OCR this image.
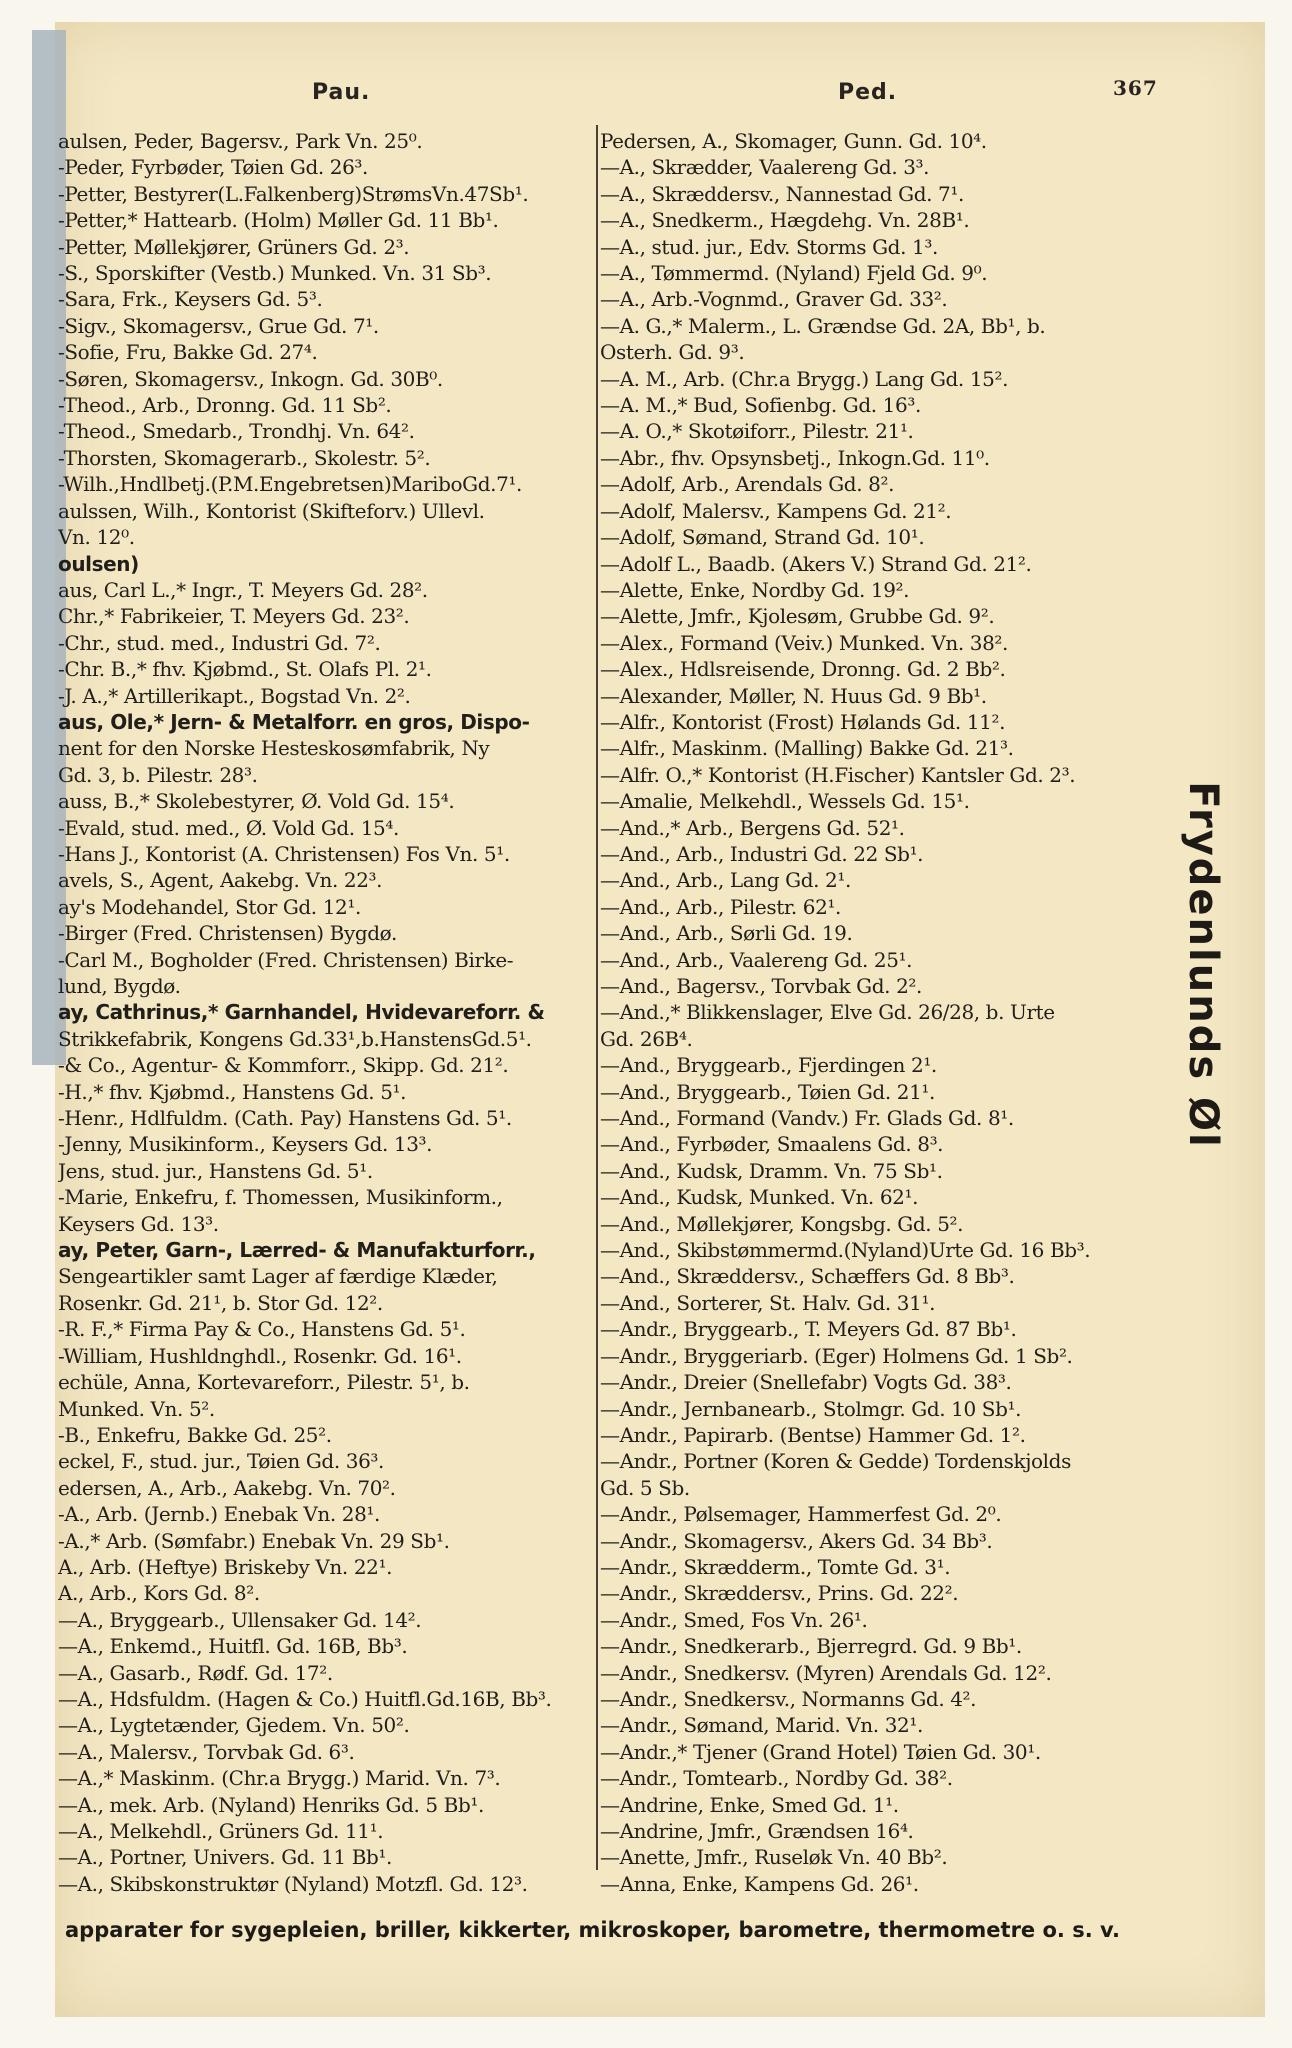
Pau.	Ped.	367
aulsen, Peder, Bagersv., Park Vn. 25⁰.
-Peder, Fyrbøder, Tøien Gd. 26³.
-Petter, Bestyrer(L.Falkenberg)StrømsVn.47Sb¹.
-Petter,* Hattearb. (Holm) Møller Gd. 11 Bb¹.
-Petter, Møllekjører, Grüners Gd. 2³.
-S., Sporskifter (Vestb.) Munked. Vn. 31 Sb³.
-Sara, Frk., Keysers Gd. 5³.
-Sigv., Skomagersv., Grue Gd. 7¹.
-Sofie, Fru, Bakke Gd. 27⁴.
-Søren, Skomagersv., Inkogn. Gd. 30B⁰.
-Theod., Arb., Dronng. Gd. 11 Sb².
-Theod., Smedarb., Trondhj. Vn. 64².
-Thorsten, Skomagerarb., Skolestr. 5².
-Wilh.,Hndlbetj.(P.M.Engebretsen)MariboGd.7¹.
aulssen, Wilh., Kontorist (Skifteforv.) Ullevl.
Vn. 12⁰.
oulsen)
aus, Carl L.,* Ingr., T. Meyers Gd. 28².
Chr.,* Fabrikeier, T. Meyers Gd. 23².
-Chr., stud. med., Industri Gd. 7².
-Chr. B.,* fhv. Kjøbmd., St. Olafs Pl. 2¹.
-J. A.,* Artillerikapt., Bogstad Vn. 2².
aus, Ole,* Jern- & Metalforr. en gros, Dispo-
nent for den Norske Hesteskosømfabrik, Ny
Gd. 3, b. Pilestr. 28³.
auss, B.,* Skolebestyrer, Ø. Vold Gd. 15⁴.
-Evald, stud. med., Ø. Vold Gd. 15⁴.
-Hans J., Kontorist (A. Christensen) Fos Vn. 5¹.
avels, S., Agent, Aakebg. Vn. 22³.
ay's Modehandel, Stor Gd. 12¹.
-Birger (Fred. Christensen) Bygdø.
-Carl M., Bogholder (Fred. Christensen) Birke-
lund, Bygdø.
ay, Cathrinus,* Garnhandel, Hvidevareforr. &
Strikkefabrik, Kongens Gd.33¹,b.HanstensGd.5¹.
-& Co., Agentur- & Kommforr., Skipp. Gd. 21².
-H.,* fhv. Kjøbmd., Hanstens Gd. 5¹.
-Henr., Hdlfuldm. (Cath. Pay) Hanstens Gd. 5¹.
-Jenny, Musikinform., Keysers Gd. 13³.
Jens, stud. jur., Hanstens Gd. 5¹.
-Marie, Enkefru, f. Thomessen, Musikinform.,
Keysers Gd. 13³.
ay, Peter, Garn-, Lærred- & Manufakturforr.,
Sengeartikler samt Lager af færdige Klæder,
Rosenkr. Gd. 21¹, b. Stor Gd. 12².
-R. F.,* Firma Pay & Co., Hanstens Gd. 5¹.
-William, Hushldnghdl., Rosenkr. Gd. 16¹.
echüle, Anna, Kortevareforr., Pilestr. 5¹, b.
Munked. Vn. 5².
-B., Enkefru, Bakke Gd. 25².
eckel, F., stud. jur., Tøien Gd. 36³.
edersen, A., Arb., Aakebg. Vn. 70².
-A., Arb. (Jernb.) Enebak Vn. 28¹.
-A.,* Arb. (Sømfabr.) Enebak Vn. 29 Sb¹.
A., Arb. (Heftye) Briskeby Vn. 22¹.
A., Arb., Kors Gd. 8².
—A., Bryggearb., Ullensaker Gd. 14².
—A., Enkemd., Huitfl. Gd. 16B, Bb³.
—A., Gasarb., Rødf. Gd. 17².
—A., Hdsfuldm. (Hagen & Co.) Huitfl.Gd.16B, Bb³.
—A., Lygtetænder, Gjedem. Vn. 50².
—A., Malersv., Torvbak Gd. 6³.
—A.,* Maskinm. (Chr.a Brygg.) Marid. Vn. 7³.
—A., mek. Arb. (Nyland) Henriks Gd. 5 Bb¹.
—A., Melkehdl., Grüners Gd. 11¹.
—A., Portner, Univers. Gd. 11 Bb¹.
—A., Skibskonstruktør (Nyland) Motzfl. Gd. 12³.
Pedersen, A., Skomager, Gunn. Gd. 10⁴.
—A., Skrædder, Vaalereng Gd. 3³.
—A., Skræddersv., Nannestad Gd. 7¹.
—A., Snedkerm., Hægdehg. Vn. 28B¹.
—A., stud. jur., Edv. Storms Gd. 1³.
—A., Tømmermd. (Nyland) Fjeld Gd. 9⁰.
—A., Arb.-Vognmd., Graver Gd. 33².
—A. G.,* Malerm., L. Grændse Gd. 2A, Bb¹, b.
Osterh. Gd. 9³.
—A. M., Arb. (Chr.a Brygg.) Lang Gd. 15².
—A. M.,* Bud, Sofienbg. Gd. 16³.
—A. O.,* Skotøiforr., Pilestr. 21¹.
—Abr., fhv. Opsynsbetj., Inkogn.Gd. 11⁰.
—Adolf, Arb., Arendals Gd. 8².
—Adolf, Malersv., Kampens Gd. 21².
—Adolf, Sømand, Strand Gd. 10¹.
—Adolf L., Baadb. (Akers V.) Strand Gd. 21².
—Alette, Enke, Nordby Gd. 19².
—Alette, Jmfr., Kjolesøm, Grubbe Gd. 9².
—Alex., Formand (Veiv.) Munked. Vn. 38².
—Alex., Hdlsreisende, Dronng. Gd. 2 Bb².
—Alexander, Møller, N. Huus Gd. 9 Bb¹.
—Alfr., Kontorist (Frost) Hølands Gd. 11².
—Alfr., Maskinm. (Malling) Bakke Gd. 21³.
—Alfr. O.,* Kontorist (H.Fischer) Kantsler Gd. 2³.
—Amalie, Melkehdl., Wessels Gd. 15¹.
—And.,* Arb., Bergens Gd. 52¹.
—And., Arb., Industri Gd. 22 Sb¹.
—And., Arb., Lang Gd. 2¹.
—And., Arb., Pilestr. 62¹.
—And., Arb., Sørli Gd. 19.
—And., Arb., Vaalereng Gd. 25¹.
—And., Bagersv., Torvbak Gd. 2².
—And.,* Blikkenslager, Elve Gd. 26/28, b. Urte
Gd. 26B⁴.
—And., Bryggearb., Fjerdingen 2¹.
—And., Bryggearb., Tøien Gd. 21¹.
—And., Formand (Vandv.) Fr. Glads Gd. 8¹.
—And., Fyrbøder, Smaalens Gd. 8³.
—And., Kudsk, Dramm. Vn. 75 Sb¹.
—And., Kudsk, Munked. Vn. 62¹.
—And., Møllekjører, Kongsbg. Gd. 5².
—And., Skibstømmermd.(Nyland)Urte Gd. 16 Bb³.
—And., Skræddersv., Schæffers Gd. 8 Bb³.
—And., Sorterer, St. Halv. Gd. 31¹.
—Andr., Bryggearb., T. Meyers Gd. 87 Bb¹.
—Andr., Bryggeriarb. (Eger) Holmens Gd. 1 Sb².
—Andr., Dreier (Snellefabr) Vogts Gd. 38³.
—Andr., Jernbanearb., Stolmgr. Gd. 10 Sb¹.
—Andr., Papirarb. (Bentse) Hammer Gd. 1².
—Andr., Portner (Koren & Gedde) Tordenskjolds
Gd. 5 Sb.
—Andr., Pølsemager, Hammerfest Gd. 2⁰.
—Andr., Skomagersv., Akers Gd. 34 Bb³.
—Andr., Skrædderm., Tomte Gd. 3¹.
—Andr., Skræddersv., Prins. Gd. 22².
—Andr., Smed, Fos Vn. 26¹.
—Andr., Snedkerarb., Bjerregrd. Gd. 9 Bb¹.
—Andr., Snedkersv. (Myren) Arendals Gd. 12².
—Andr., Snedkersv., Normanns Gd. 4².
—Andr., Sømand, Marid. Vn. 32¹.
—Andr.,* Tjener (Grand Hotel) Tøien Gd. 30¹.
—Andr., Tomtearb., Nordby Gd. 38².
—Andrine, Enke, Smed Gd. 1¹.
—Andrine, Jmfr., Grændsen 16⁴.
—Anette, Jmfr., Ruseløk Vn. 40 Bb².
—Anna, Enke, Kampens Gd. 26¹.
Frydenlunds Øl
apparater for sygepleien, briller, kikkerter, mikroskoper, barometre, thermometre o. s. v.
